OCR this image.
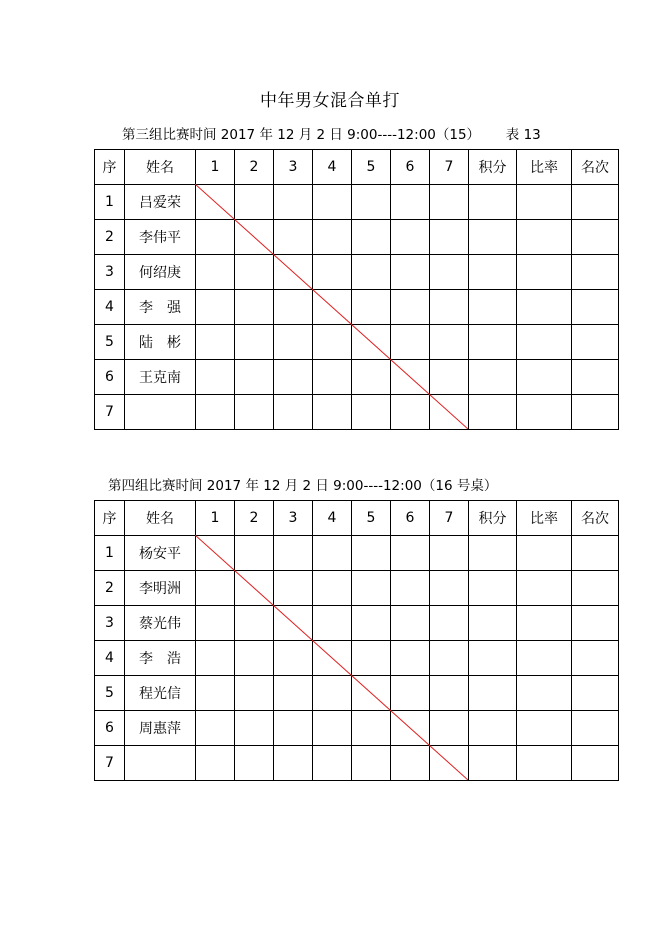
中年男女混合单打
第三组比赛时间 2017 年 12 月 2 日 9:00----12:00（15）      表 13
序	姓名	1	2	3	4	5	6	7	积分	比率	名次
1	吕爱荣										
2	李伟平										
3	何绍庚										
4	李　强										
5	陆　彬										
6	王克南										
7											
第四组比赛时间 2017 年 12 月 2 日 9:00----12:00（16 号桌）
序	姓名	1	2	3	4	5	6	7	积分	比率	名次
1	杨安平										
2	李明洲										
3	蔡光伟										
4	李　浩										
5	程光信										
6	周惠萍										
7											
